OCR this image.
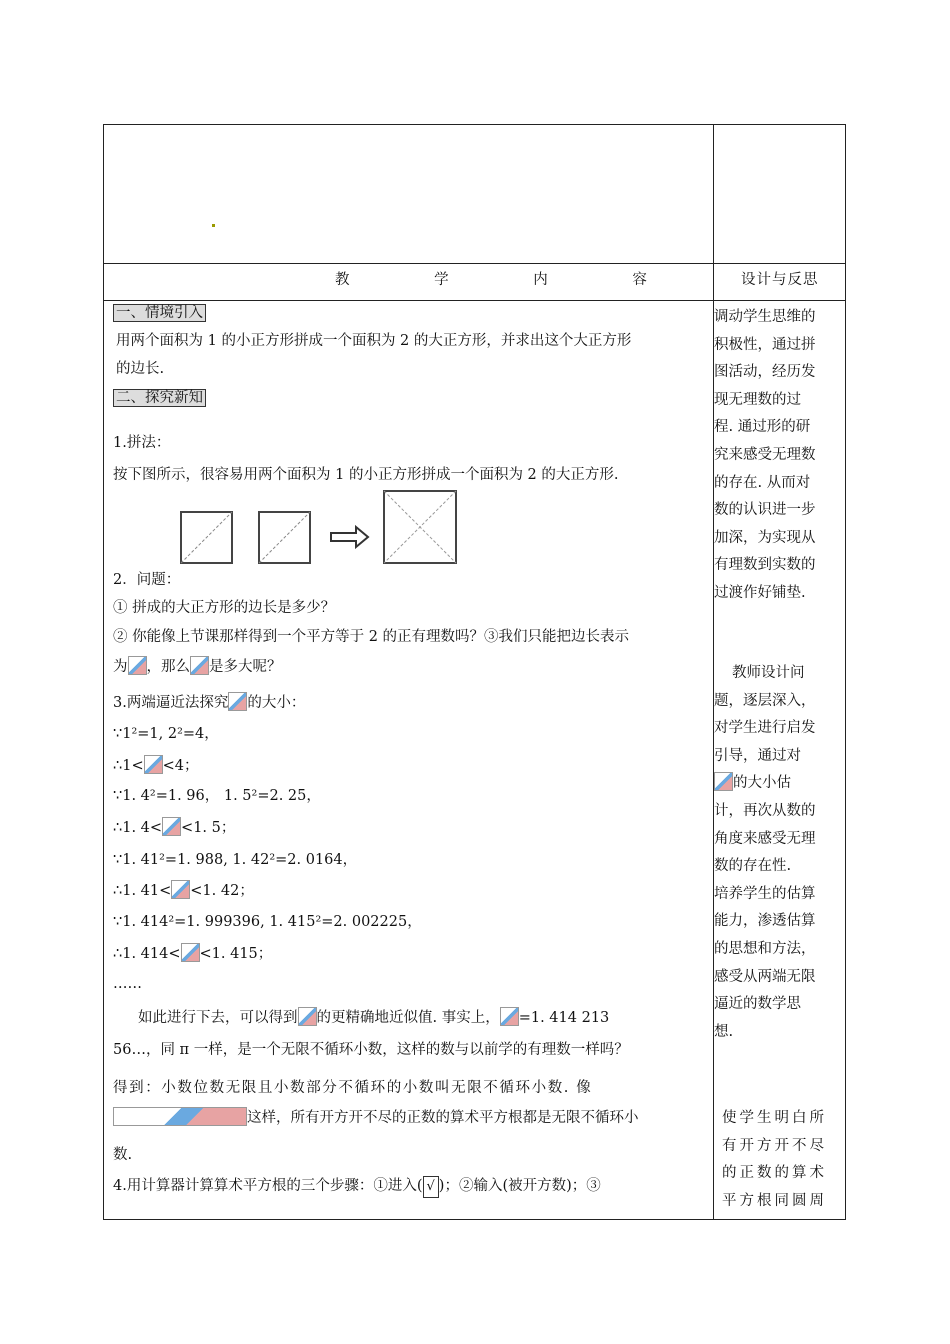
教 学 内 容	设计与反思
一、情境引入
用两个面积为 1 的小正方形拼成一个面积为 2 的大正方形，并求出这个大正方形
的边长.
二、探究新知
1.拼法：
按下图所示，很容易用两个面积为 1 的小正方形拼成一个面积为 2 的大正方形.
2．问题：
① 拼成的大正方形的边长是多少？
② 你能像上节课那样得到一个平方等于 2 的正有理数吗？③我们只能把边长表示
为 ，那么 是多大呢？
3.两端逼近法探究 的大小：
∵1²=1, 2²=4，
∴1< <4；
∵1. 4²=1. 96， 1. 5²=2. 25，
∴1. 4< <1. 5；
∵1. 41²=1. 988, 1. 42²=2. 0164，
∴1. 41< <1. 42；
∵1. 414²=1. 999396, 1. 415²=2. 002225，
∴1. 414< <1. 415；
……
如此进行下去，可以得到 的更精确地近似值. 事实上， =1. 414 213
56…，同 π 一样，是一个无限不循环小数，这样的数与以前学的有理数一样吗？
得到：小数位数无限且小数部分不循环的小数叫无限不循环小数. 像
这样，所有开方开不尽的正数的算术平方根都是无限不循环小
数.
4.用计算器计算算术平方根的三个步骤：①进入( √ )；②输入(被开方数)；③

调动学生思维的

积极性，通过拼

图活动，经历发

现无理数的过

程. 通过形的研

究来感受无理数

的存在. 从而对

数的认识进一步

加深，为实现从

有理数到实数的

过渡作好铺垫.

教师设计问

题，逐层深入，

对学生进行启发

引导，通过对

的大小估

计，再次从数的

角度来感受无理

数的存在性.

培养学生的估算

能力，渗透估算

的思想和方法，

感受从两端无限

逼近的数学思

想.

使学生明白所

有开方开不尽

的正数的算术

平方根同圆周
